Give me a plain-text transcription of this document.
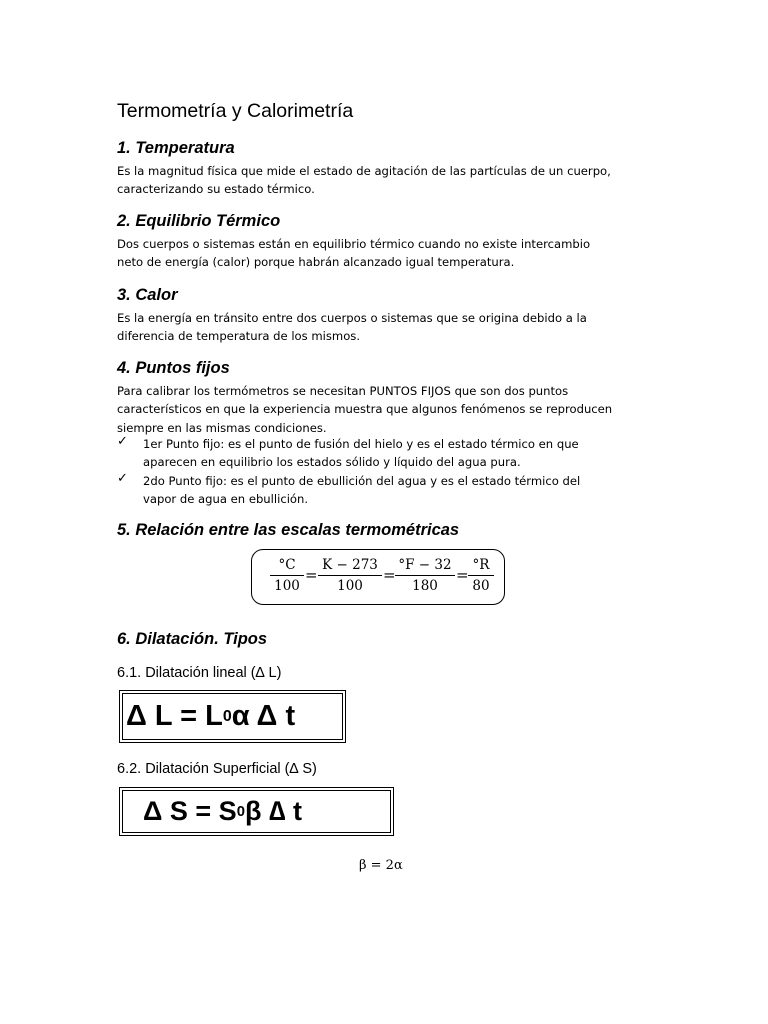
Termometría y Calorimetría
1. Temperatura
Es la magnitud física que mide el estado de agitación de las partículas de un cuerpo,
caracterizando su estado térmico.
2. Equilibrio Térmico
Dos cuerpos o sistemas están en equilibrio térmico cuando no existe intercambio
neto de energía (calor) porque habrán alcanzado igual temperatura.
3. Calor
Es la energía en tránsito entre dos cuerpos o sistemas que se origina debido a la
diferencia de temperatura de los mismos.
4. Puntos fijos
Para calibrar los termómetros se necesitan PUNTOS FIJOS que son dos puntos
característicos en que la experiencia muestra que algunos fenómenos se reproducen
siempre en las mismas condiciones.
✓ 1er Punto fijo: es el punto de fusión del hielo y es el estado térmico en que
aparecen en equilibrio los estados sólido y líquido del agua pura.
✓ 2do Punto fijo: es el punto de ebullición del agua y es el estado térmico del
vapor de agua en ebullición.
5. Relación entre las escalas termométricas
°C
100
=
K − 273
100
=
°F − 32
180
=
°R
80
6. Dilatación. Tipos
6.1. Dilatación lineal (∆ L)
Δ L = L 0 α Δ t
6.2. Dilatación Superficial (∆ S)
Δ S = S 0 β ∆ t
β = 2α
